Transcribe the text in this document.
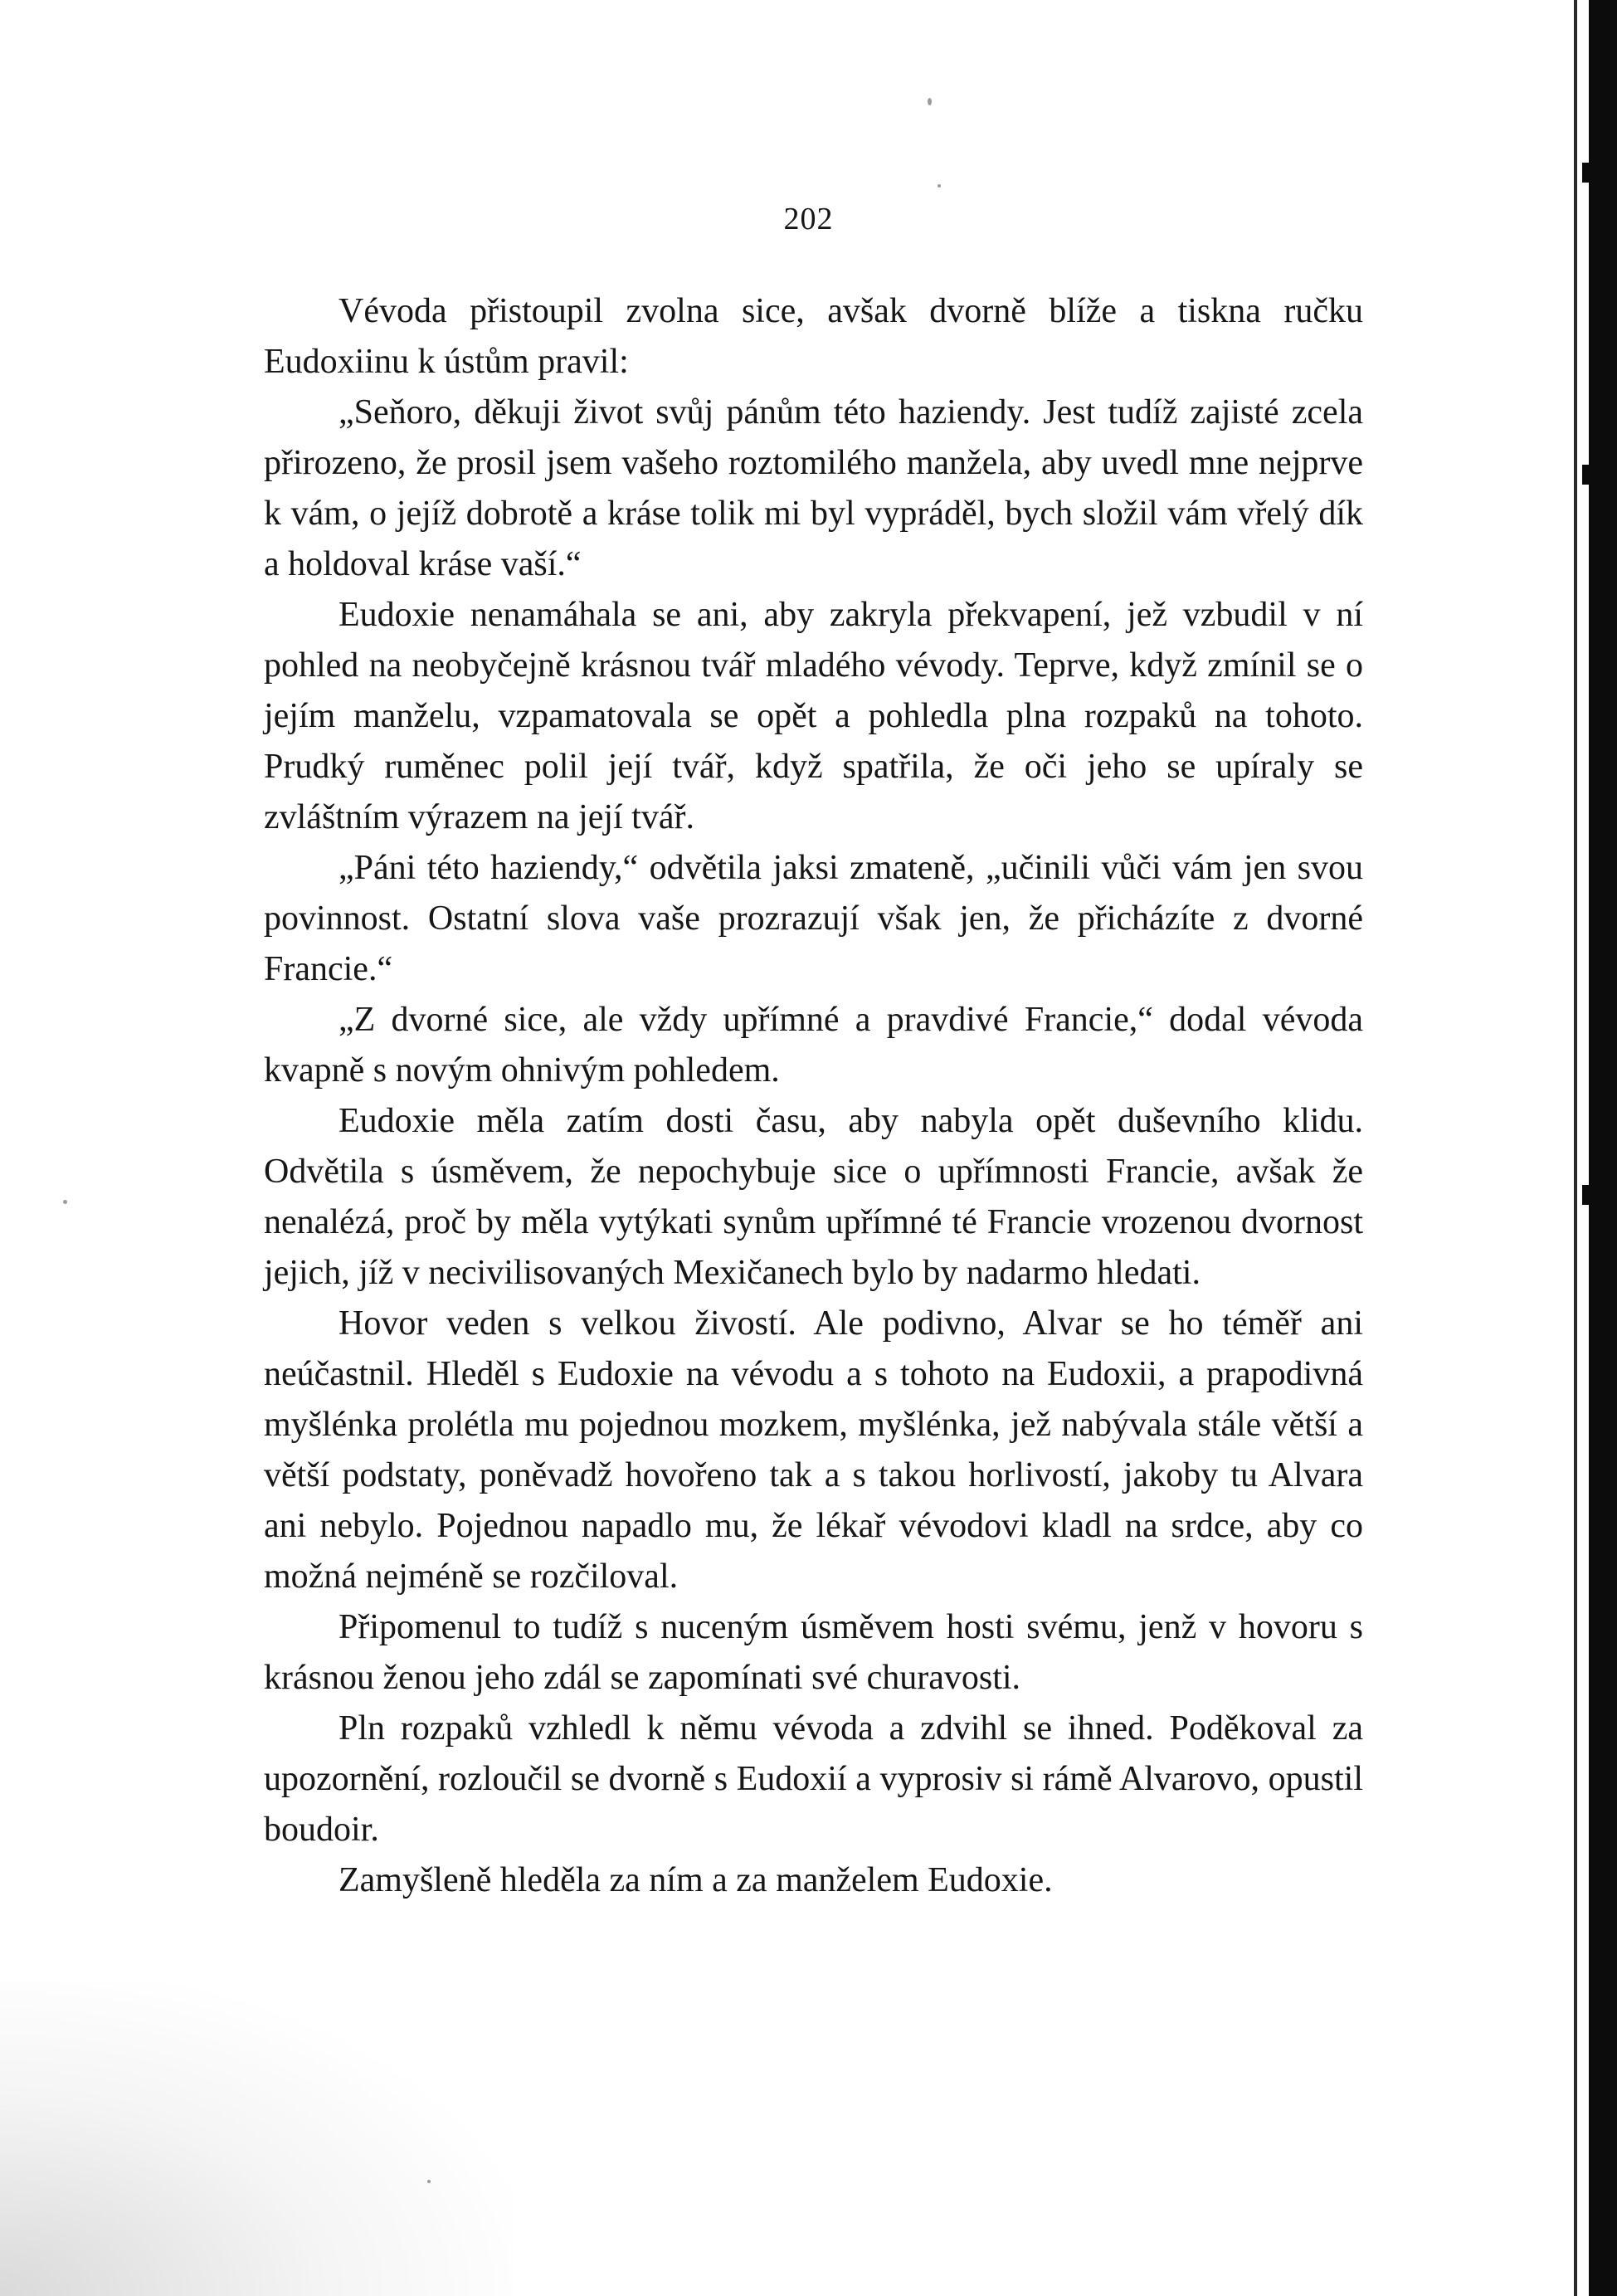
202

Vévoda přistoupil zvolna sice, avšak dvorně blíže a tiskna ručku Eudoxiinu k ústům pravil:

„Seňoro, děkuji život svůj pánům této haziendy. Jest tudíž zajisté zcela přirozeno, že prosil jsem vašeho roztomilého manžela, aby uvedl mne nejprve k vám, o jejíž dobrotě a kráse tolik mi byl vypráděl, bych složil vám vřelý dík a holdoval kráse vaší.“

Eudoxie nenamáhala se ani, aby zakryla překvapení, jež vzbudil v ní pohled na neobyčejně krásnou tvář mladého vévody. Teprve, když zmínil se o jejím manželu, vzpamatovala se opět a pohledla plna rozpaků na tohoto. Prudký ruměnec polil její tvář, když spatřila, že oči jeho se upíraly se zvláštním výrazem na její tvář.

„Páni této haziendy,“ odvětila jaksi zmateně, „učinili vůči vám jen svou povinnost. Ostatní slova vaše prozrazují však jen, že přicházíte z dvorné Francie.“

„Z dvorné sice, ale vždy upřímné a pravdivé Francie,“ dodal vévoda kvapně s novým ohnivým pohledem.

Eudoxie měla zatím dosti času, aby nabyla opět duševního klidu. Odvětila s úsměvem, že nepochybuje sice o upřímnosti Francie, avšak že nenalézá, proč by měla vytýkati synům upřímné té Francie vrozenou dvornost jejich, jíž v necivilisovaných Mexičanech bylo by nadarmo hledati.

Hovor veden s velkou živostí. Ale podivno, Alvar se ho téměř ani neúčastnil. Hleděl s Eudoxie na vévodu a s tohoto na Eudoxii, a prapodivná myšlénka prolétla mu pojednou mozkem, myšlénka, jež nabývala stále větší a větší podstaty, poněvadž hovořeno tak a s takou horlivostí, jakoby tu Alvara ani nebylo. Pojednou napadlo mu, že lékař vévodovi kladl na srdce, aby co možná nejméně se rozčiloval.

Připomenul to tudíž s nuceným úsměvem hosti svému, jenž v hovoru s krásnou ženou jeho zdál se zapomínati své churavosti.

Pln rozpaků vzhledl k němu vévoda a zdvihl se ihned. Poděkoval za upozornění, rozloučil se dvorně s Eudoxií a vyprosiv si rámě Alvarovo, opustil boudoir.

Zamyšleně hleděla za ním a za manželem Eudoxie.
